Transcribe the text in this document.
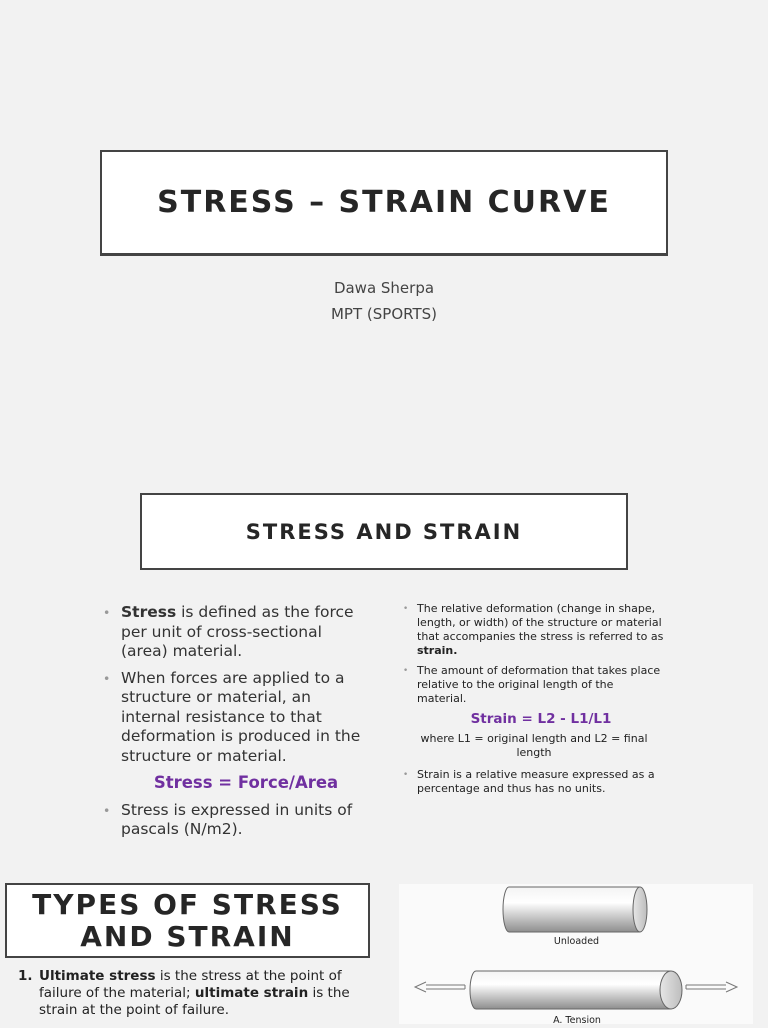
STRESS – STRAIN CURVE
Dawa Sherpa
MPT (SPORTS)
STRESS AND STRAIN
• Stress is defined as the force per unit of cross-sectional (area) material.
• When forces are applied to a structure or material, an internal resistance to that deformation is produced in the structure or material.
Stress = Force/Area
• Stress is expressed in units of pascals (N/m2).
• The relative deformation (change in shape, length, or width) of the structure or material that accompanies the stress is referred to as strain.
• The amount of deformation that takes place relative to the original length of the material.
Strain = L2 - L1/L1
where L1 = original length and L2 = final length
• Strain is a relative measure expressed as a percentage and thus has no units.
TYPES OF STRESS AND STRAIN
1. Ultimate stress is the stress at the point of failure of the material; ultimate strain is the strain at the point of failure.
Unloaded
A. Tension
